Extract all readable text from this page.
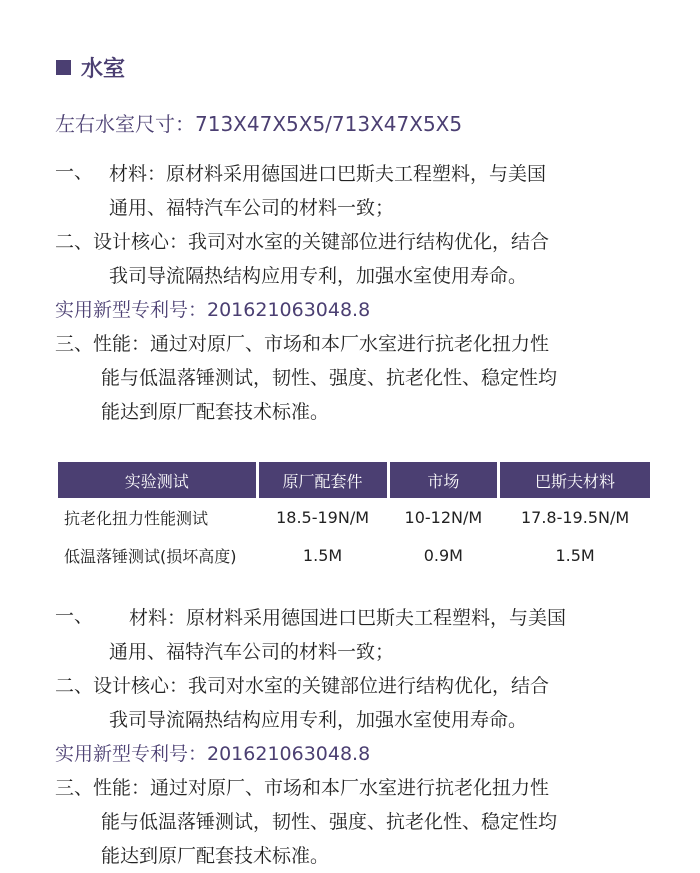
水室
左右水室尺寸：713X47X5X5/713X47X5X5
一、 材料：原材料采用德国进口巴斯夫工程塑料，与美国
通用、福特汽车公司的材料一致；
二、设计核心：我司对水室的关键部位进行结构优化，结合
我司导流隔热结构应用专利，加强水室使用寿命。
实用新型专利号：201621063048.8
三、性能：通过对原厂、市场和本厂水室进行抗老化扭力性
能与低温落锤测试，韧性、强度、抗老化性、稳定性均
能达到原厂配套技术标准。
实验测试	原厂配套件	市场	巴斯夫材料
抗老化扭力性能测试	18.5-19N/M	10-12N/M	17.8-19.5N/M
低温落锤测试(损坏高度)	1.5M	0.9M	1.5M
一、	材料：原材料采用德国进口巴斯夫工程塑料，与美国
通用、福特汽车公司的材料一致；
二、设计核心：我司对水室的关键部位进行结构优化，结合
我司导流隔热结构应用专利，加强水室使用寿命。
实用新型专利号：201621063048.8
三、性能：通过对原厂、市场和本厂水室进行抗老化扭力性
能与低温落锤测试，韧性、强度、抗老化性、稳定性均
能达到原厂配套技术标准。
